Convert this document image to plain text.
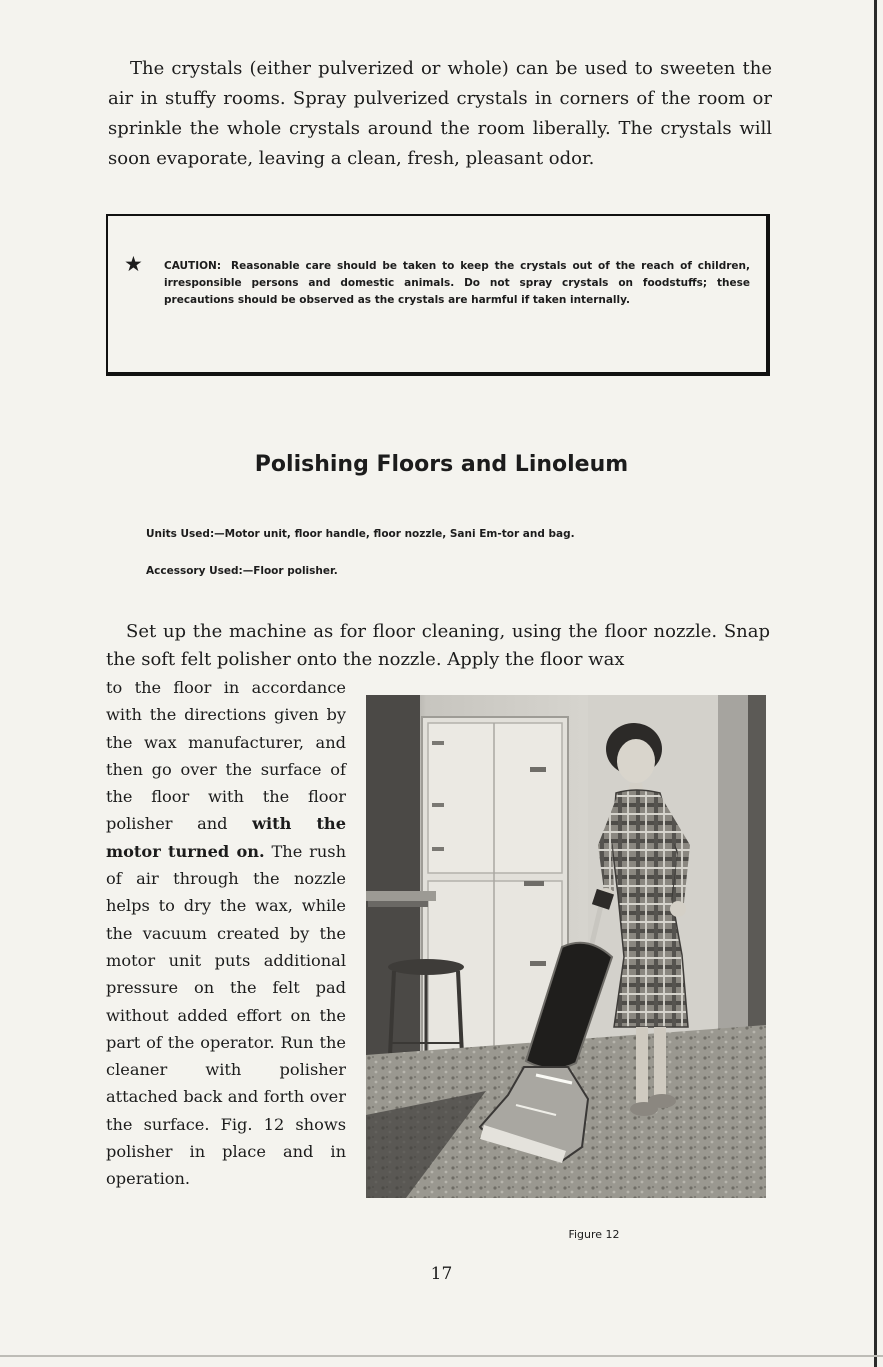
The crystals (either pulverized or whole) can be used to sweeten the air in stuffy rooms. Spray pulverized crystals in corners of the room or sprinkle the whole crystals around the room liberally. The crystals will soon evaporate, leaving a clean, fresh, pleasant odor.

★ CAUTION: Reasonable care should be taken to keep the crystals out of the reach of children, irresponsible persons and domestic animals. Do not spray crystals on foodstuffs; these precautions should be observed as the crystals are harmful if taken internally.

Polishing Floors and Linoleum

Units Used:—Motor unit, floor handle, floor nozzle, Sani Em-tor and bag.

Accessory Used:—Floor polisher.

Set up the machine as for floor cleaning, using the floor nozzle. Snap the soft felt polisher onto the nozzle. Apply the floor wax

to the floor in accordance with the directions given by the wax manufacturer, and then go over the surface of the floor with the floor polisher and with the motor turned on. The rush of air through the nozzle helps to dry the wax, while the vacuum created by the motor unit puts additional pressure on the felt pad without added effort on the part of the operator. Run the cleaner with polisher attached back and forth over the surface. Fig. 12 shows polisher in place and in operation.

Figure 12

17
